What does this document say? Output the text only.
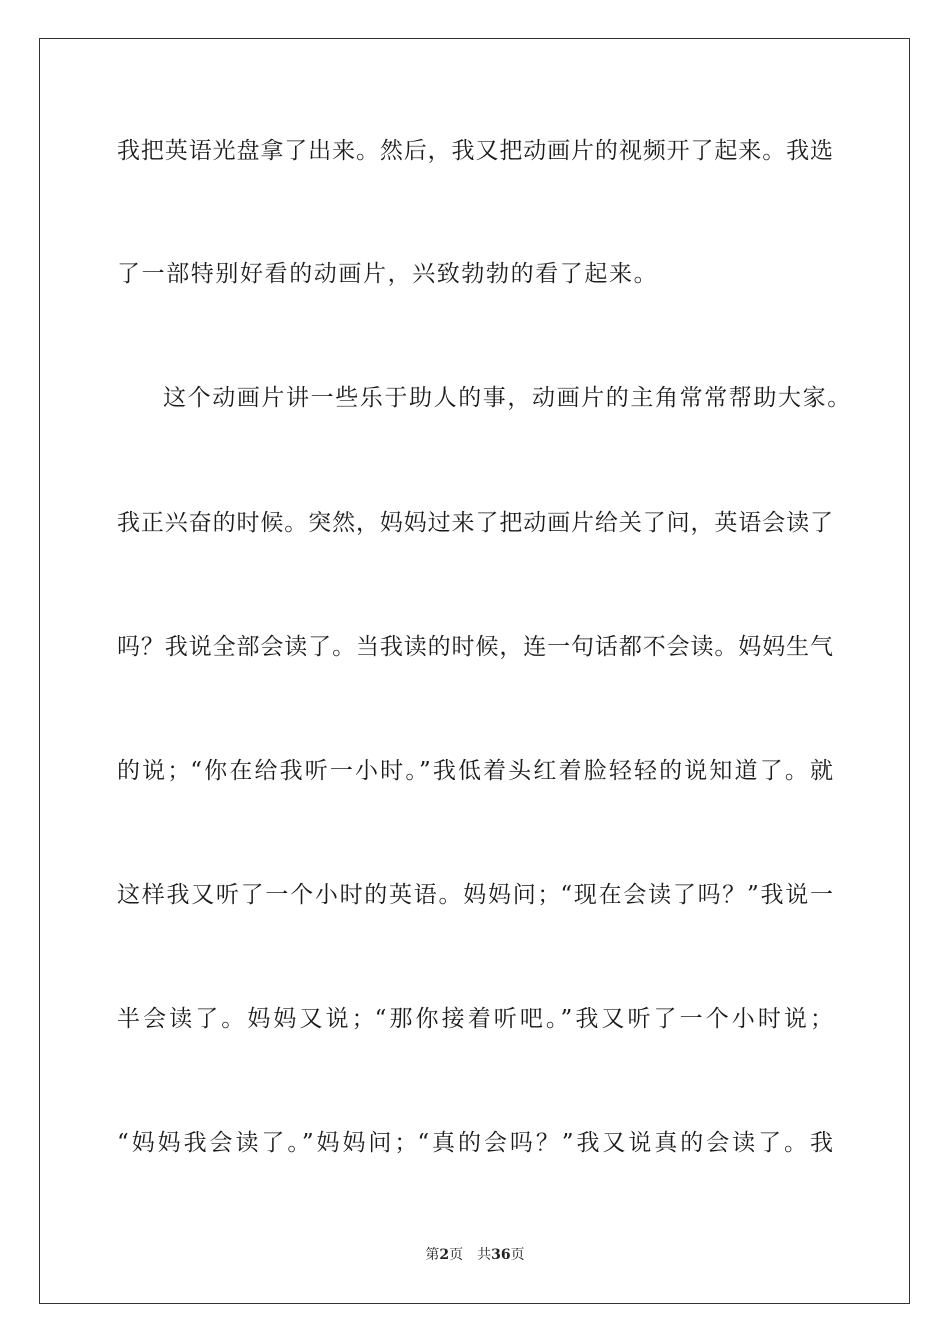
我把英语光盘拿了出来。然后，我又把动画片的视频开了起来。我选
了一部特别好看的动画片，兴致勃勃的看了起来。
这个动画片讲一些乐于助人的事，动画片的主角常常帮助大家。
我正兴奋的时候。突然，妈妈过来了把动画片给关了问，英语会读了
吗？我说全部会读了。当我读的时候，连一句话都不会读。妈妈生气
的说；“你在给我听一小时。”我低着头红着脸轻轻的说知道了。就
这样我又听了一个小时的英语。妈妈问；“现在会读了吗？”我说一
半会读了。妈妈又说；“那你接着听吧。”我又听了一个小时说；
“妈妈我会读了。”妈妈问；“真的会吗？”我又说真的会读了。我
第2页 共36页
